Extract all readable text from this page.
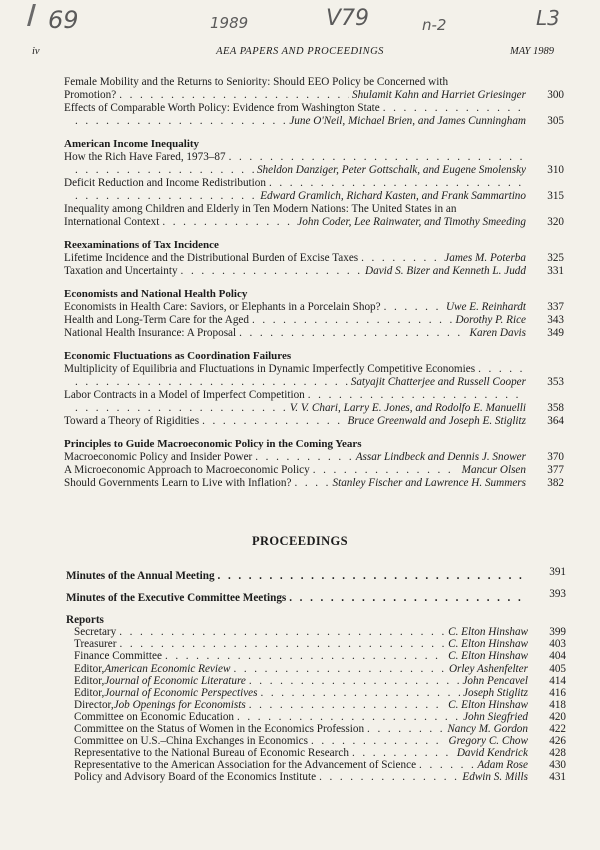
69	1989	V79	n-2	L3
iv	AEA PAPERS AND PROCEEDINGS	MAY 1989
Female Mobility and the Returns to Seniority: Should EEO Policy be Concerned with
Promotion? . . .	Shulamit Kahn and Harriet Griesinger	300
Effects of Comparable Worth Policy: Evidence from Washington State
. . .
. . .
June O'Neil, Michael Brien, and James Cunningham	305
American Income Inequality
How the Rich Have Fared, 1973–87
. . .
. . .
Sheldon Danziger, Peter Gottschalk, and Eugene Smolensky	310
Deficit Reduction and Income Redistribution
. . .
. . .
Edward Gramlich, Richard Kasten, and Frank Sammartino	315
Inequality among Children and Elderly in Ten Modern Nations: The United States in an
International Context . . .	John Coder, Lee Rainwater, and Timothy Smeeding	320
Reexaminations of Tax Incidence
Lifetime Incidence and the Distributional Burden of Excise Taxes . . .	James M. Poterba	325
Taxation and Uncertainty . . .	David S. Bizer and Kenneth L. Judd	331
Economists and National Health Policy
Economists in Health Care: Saviors, or Elephants in a Porcelain Shop? . . .	Uwe E. Reinhardt	337
Health and Long-Term Care for the Aged . . .	Dorothy P. Rice	343
National Health Insurance: A Proposal . . .	Karen Davis	349
Economic Fluctuations as Coordination Failures
Multiplicity of Equilibria and Fluctuations in Dynamic Imperfectly Competitive Economies
. . .
. . .
Satyajit Chatterjee and Russell Cooper	353
Labor Contracts in a Model of Imperfect Competition
. . .
. . .
V. V. Chari, Larry E. Jones, and Rodolfo E. Manuelli	358
Toward a Theory of Rigidities . . .	Bruce Greenwald and Joseph E. Stiglitz	364
Principles to Guide Macroeconomic Policy in the Coming Years
Macroeconomic Policy and Insider Power . . .	Assar Lindbeck and Dennis J. Snower	370
A Microeconomic Approach to Macroeconomic Policy . . .	Mancur Olsen	377
Should Governments Learn to Live with Inflation? . . .	Stanley Fischer and Lawrence H. Summers	382
PROCEEDINGS
Minutes of the Annual Meeting . . .	391
Minutes of the Executive Committee Meetings . . .	393
Reports
Secretary . . .	C. Elton Hinshaw	399
Treasurer . . .	C. Elton Hinshaw	403
Finance Committee . . .	C. Elton Hinshaw	404
Editor, American Economic Review . . .	Orley Ashenfelter	405
Editor, Journal of Economic Literature . . .	John Pencavel	414
Editor, Journal of Economic Perspectives . . .	Joseph Stiglitz	416
Director, Job Openings for Economists . . .	C. Elton Hinshaw	418
Committee on Economic Education . . .	John Siegfried	420
Committee on the Status of Women in the Economics Profession . . .	Nancy M. Gordon	422
Committee on U.S.–China Exchanges in Economics . . .	Gregory C. Chow	426
Representative to the National Bureau of Economic Research . . .	David Kendrick	428
Representative to the American Association for the Advancement of Science . . .	Adam Rose	430
Policy and Advisory Board of the Economics Institute . . .	Edwin S. Mills	431
